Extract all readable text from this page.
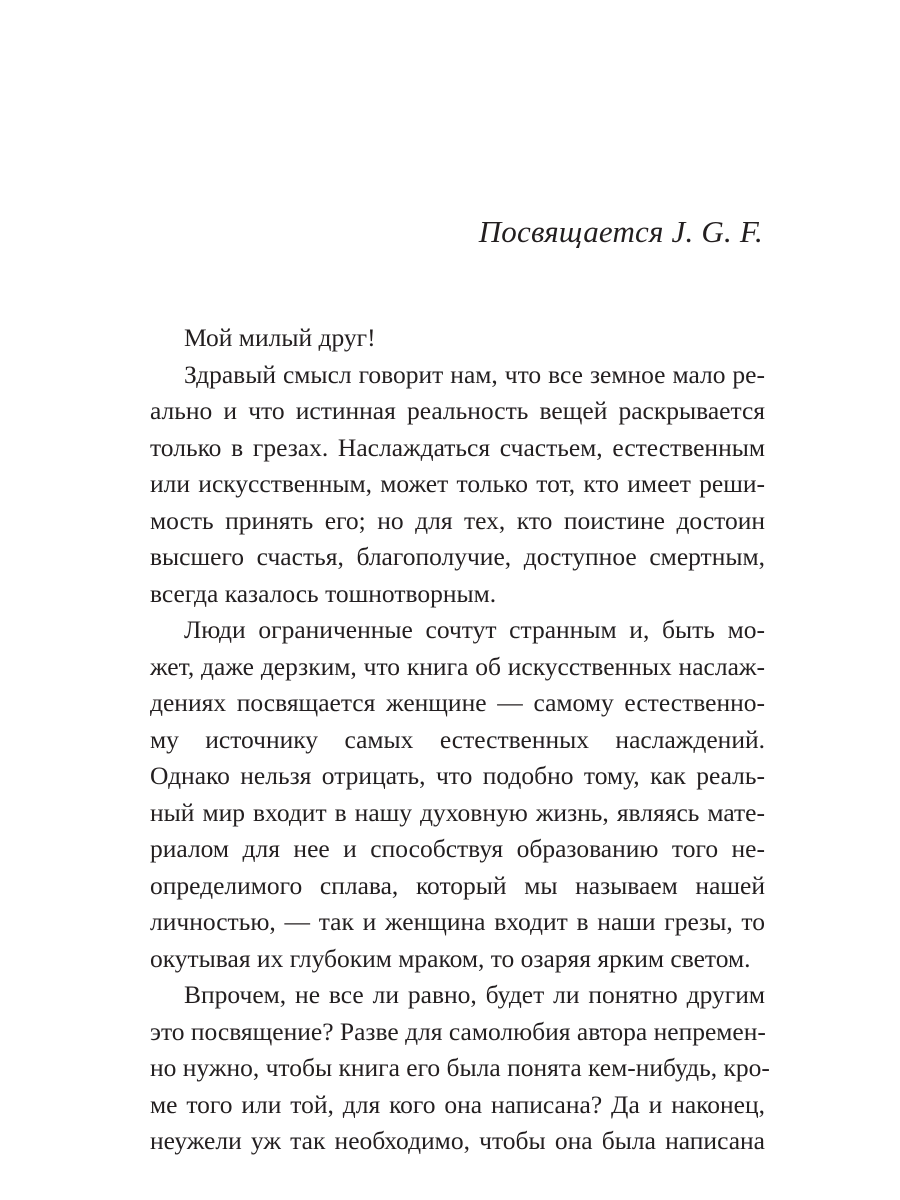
Посвящается J. G. F.

Мой милый друг!

Здравый смысл говорит нам, что все земное мало ре-
ально и что истинная реальность вещей раскрывается
только в грезах. Наслаждаться счастьем, естественным
или искусственным, может только тот, кто имеет реши-
мость принять его; но для тех, кто поистине достоин
высшего счастья, благополучие, доступное смертным,
всегда казалось тошнотворным.

Люди ограниченные сочтут странным и, быть мо-
жет, даже дерзким, что книга об искусственных наслаж-
дениях посвящается женщине — самому естественно-
му источнику самых естественных наслаждений.
Однако нельзя отрицать, что подобно тому, как реаль-
ный мир входит в нашу духовную жизнь, являясь мате-
риалом для нее и способствуя образованию того не-
определимого сплава, который мы называем нашей
личностью, — так и женщина входит в наши грезы, то
окутывая их глубоким мраком, то озаряя ярким светом.

Впрочем, не все ли равно, будет ли понятно другим
это посвящение? Разве для самолюбия автора непремен-
но нужно, чтобы книга его была понята кем-нибудь, кро-
ме того или той, для кого она написана? Да и наконец,
неужели уж так необходимо, чтобы она была написана
